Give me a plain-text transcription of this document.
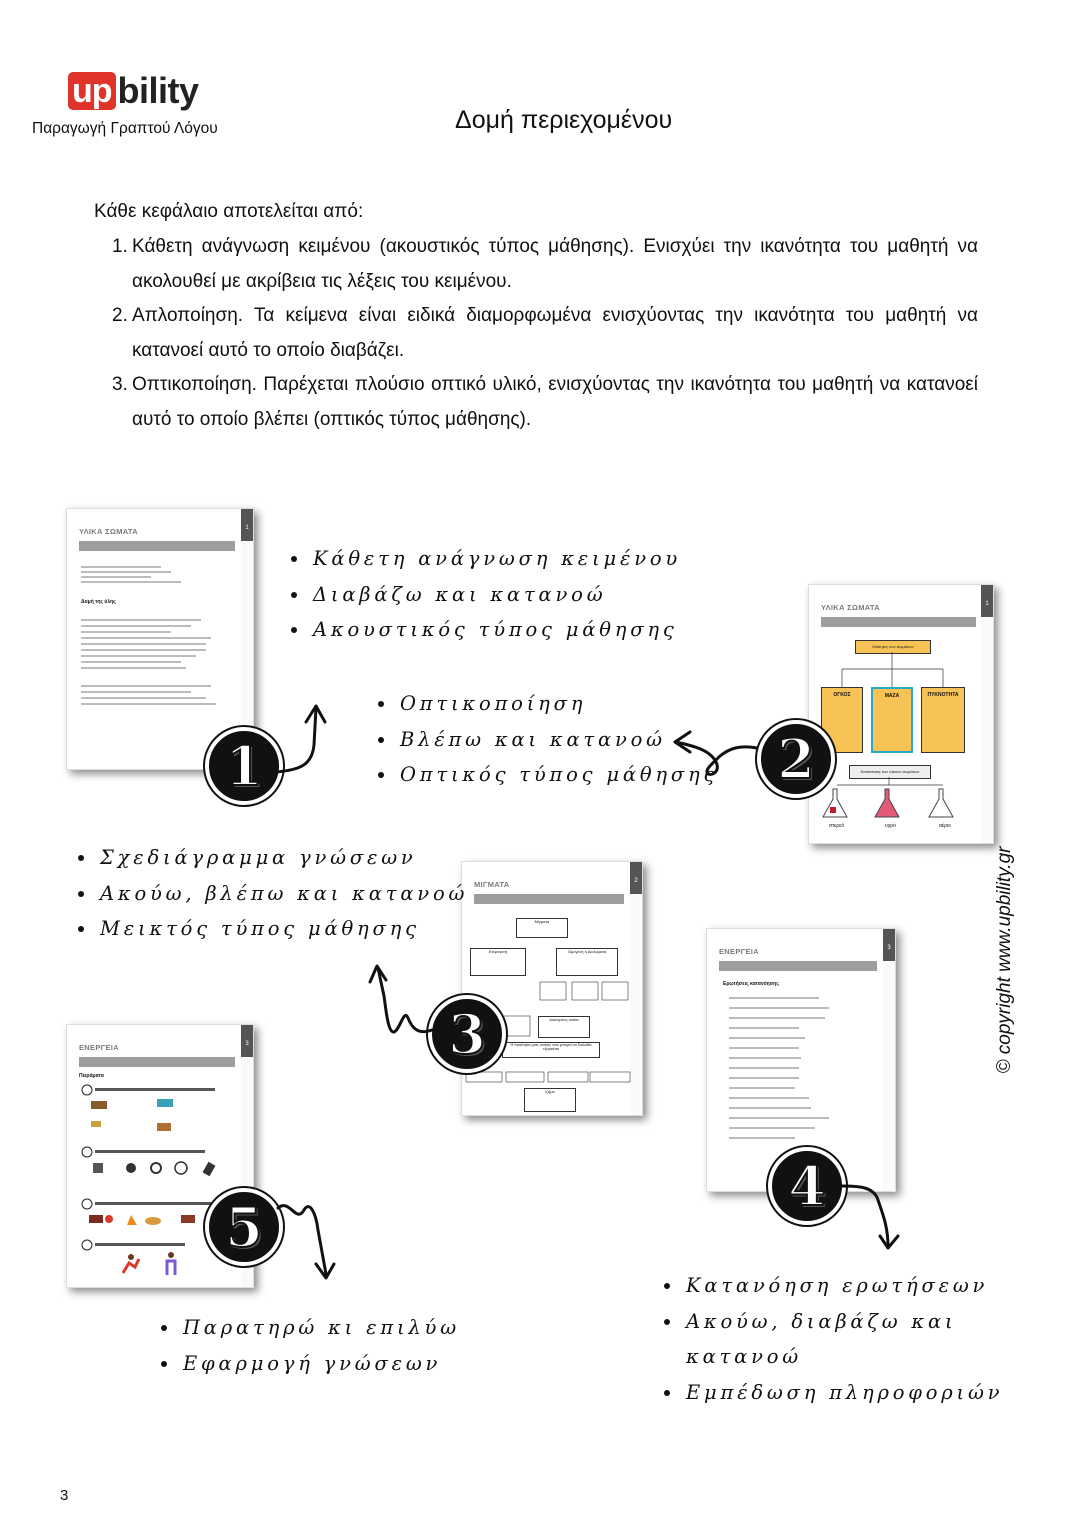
up bility
Παραγωγή Γραπτού Λόγου	Δομή περιεχομένου
Κάθε κεφάλαιο αποτελείται από:
1. Κάθετη ανάγνωση κειμένου (ακουστικός τύπος μάθησης). Ενισχύει την ικανότητα του μαθητή να ακολουθεί με ακρίβεια τις λέξεις του κειμένου.
2. Απλοποίηση. Τα κείμενα είναι ειδικά διαμορφωμένα ενισχύοντας την ικανότητα του μαθητή να κατανοεί αυτό το οποίο διαβάζει.
3. Οπτικοποίηση. Παρέχεται πλούσιο οπτικό υλικό, ενισχύοντας την ικανότητα του μαθητή να κατανοεί αυτό το οποίο βλέπει (οπτικός τύπος μάθησης).
ΥΛΙΚΑ ΣΩΜΑΤΑ	1
Δομή της ύλης
ΥΛΙΚΑ ΣΩΜΑΤΑ	1
Ιδιότητες των σωμάτων
ΟΓΚΟΣ	ΜΑΖΑ	ΠΥΚΝΟΤΗΤΑ
Κατάσταση των υλικών σωμάτων
στερεό	υγρό	αέριο
ΜΙΓΜΑΤΑ	2
Μίγματα
Ετερογενή	Ομογενή ή Διαλύματα
Διαλυμένη ουσία
Η ποσότητα μιας ουσίας που μπορεί να διαλυθεί εξαρτάται
Ιζήμα
ΕΝΕΡΓΕΙΑ	3
Ερωτήσεις κατανόησης
ΕΝΕΡΓΕΙΑ	3
Πειράματα
1	2
3
4
5
Κάθετη ανάγνωση κειμένου
Διαβάζω και κατανοώ
Ακουστικός τύπος μάθησης
Οπτικοποίηση
Βλέπω και κατανοώ
Οπτικός τύπος μάθησης
Σχεδιάγραμμα γνώσεων
Ακούω, βλέπω και κατανοώ
Μεικτός τύπος μάθησης
Κατανόηση ερωτήσεων
Ακούω, διαβάζω και κατανοώ
Εμπέδωση πληροφοριών
Παρατηρώ κι επιλύω
Εφαρμογή γνώσεων
© copyright www.upbility.gr
3
